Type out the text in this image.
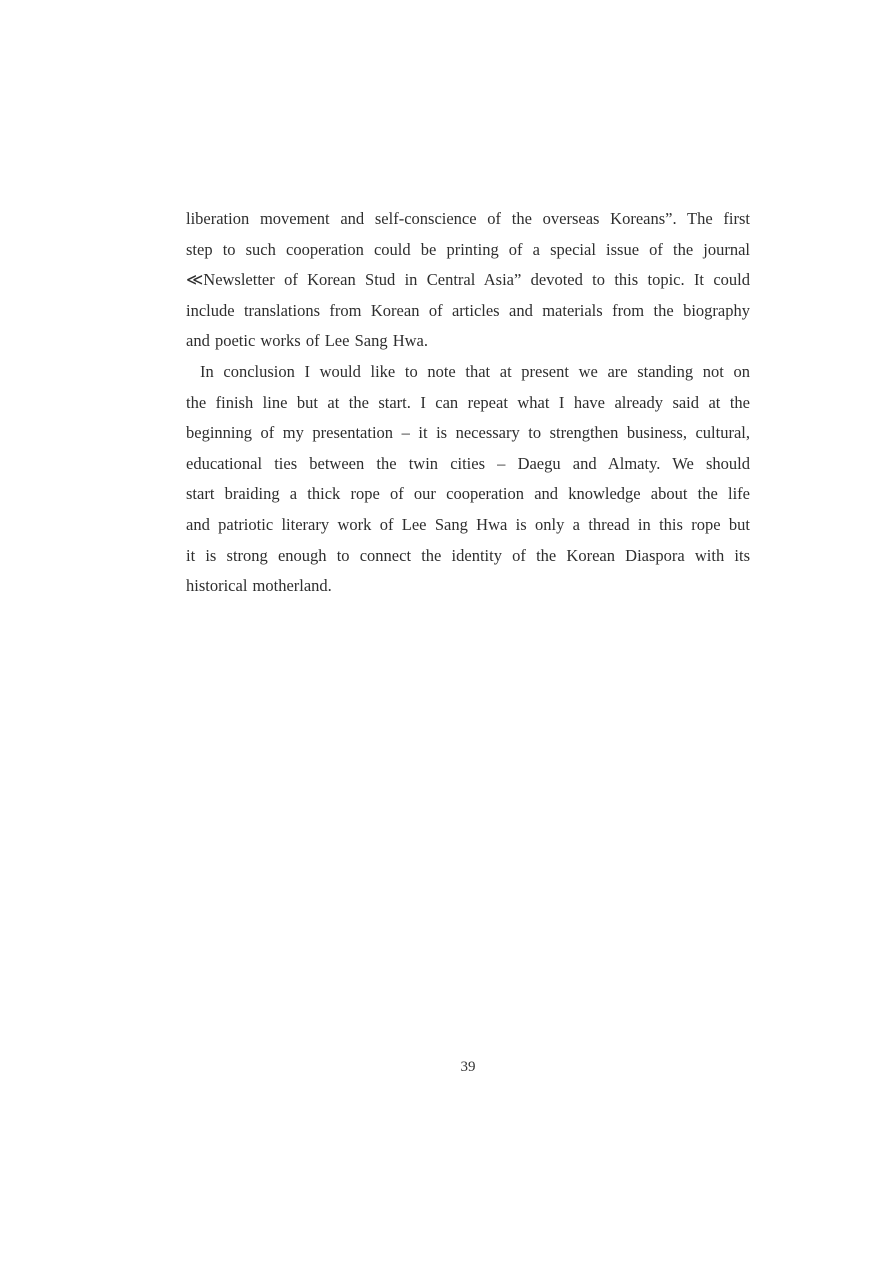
liberation movement and self-conscience of the overseas Koreans”. The first
step to such cooperation could be printing of a special issue of the journal
≪Newsletter of Korean Stud in Central Asia” devoted to this topic. It could
include translations from Korean of articles and materials from the biography
and poetic works of Lee Sang Hwa.
In conclusion I would like to note that at present we are standing not on
the finish line but at the start. I can repeat what I have already said at the
beginning of my presentation – it is necessary to strengthen business, cultural,
educational ties between the twin cities – Daegu and Almaty. We should
start braiding a thick rope of our cooperation and knowledge about the life
and patriotic literary work of Lee Sang Hwa is only a thread in this rope but
it is strong enough to connect the identity of the Korean Diaspora with its
historical motherland.
39
